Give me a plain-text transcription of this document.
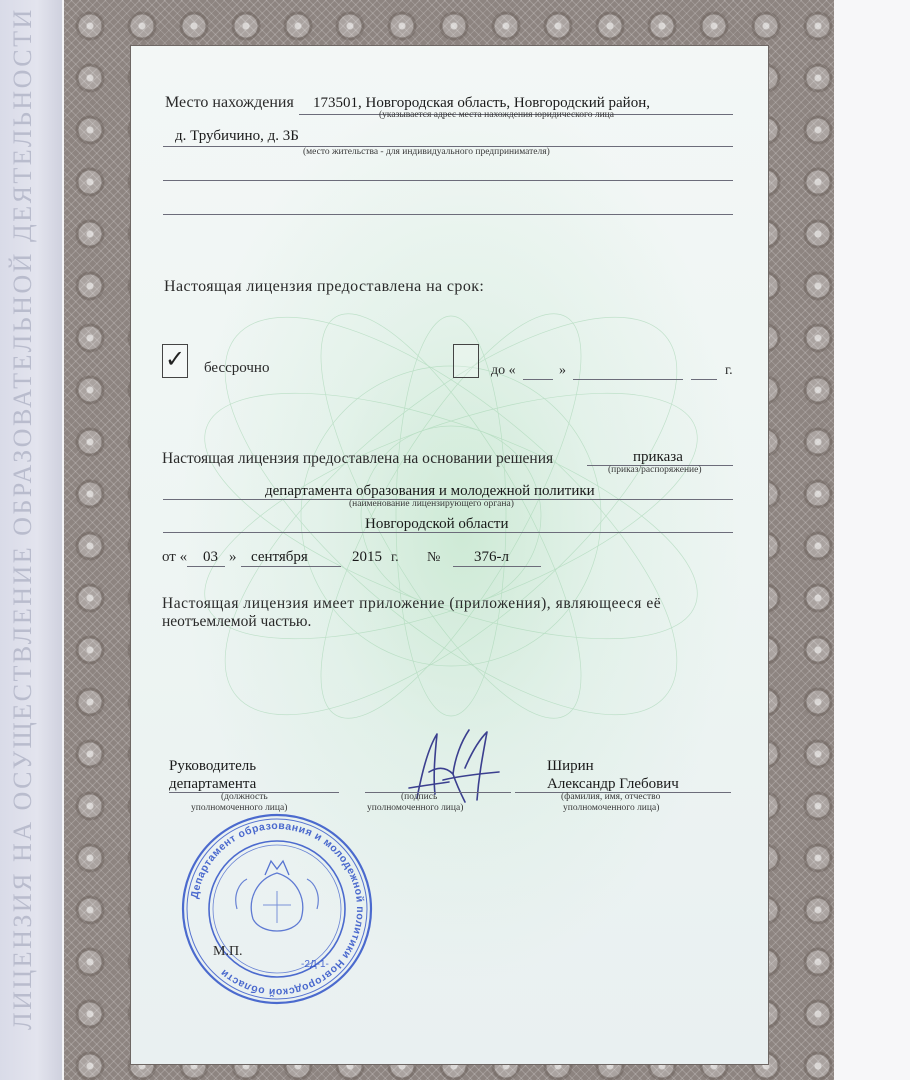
ЛИЦЕНЗИЯ НА ОСУЩЕСТВЛЕНИЕ ОБРАЗОВАТЕЛЬНОЙ ДЕЯТЕЛЬНОСТИ	Место нахождения 173501, Новгородская область, Новгородский район,
(указывается адрес места нахождения юридического лица
д. Трубичино, д. 3Б
(место жительства - для индивидуального предпринимателя)
Настоящая лицензия предоставлена на срок:
✓ бессрочно	до «	»	г.
Настоящая лицензия предоставлена на основании решения	приказа
(приказ/распоряжение)
департамента образования и молодежной политики
(наименование лицензирующего органа)
Новгородской области
от « 03 » сентября	2015 г. № 376-л
Настоящая лицензия имеет приложение (приложения), являющееся её
неотъемлемой частью.
Руководитель
департамента
(должность
уполномоченного лица)
(подпись
уполномоченного лица)
Ширин
Александр Глебович
(фамилия, имя, отчество
уполномоченного лица)
Департамент образования и молодежной политики Новгородской области
-2Д-1-
М.П.
